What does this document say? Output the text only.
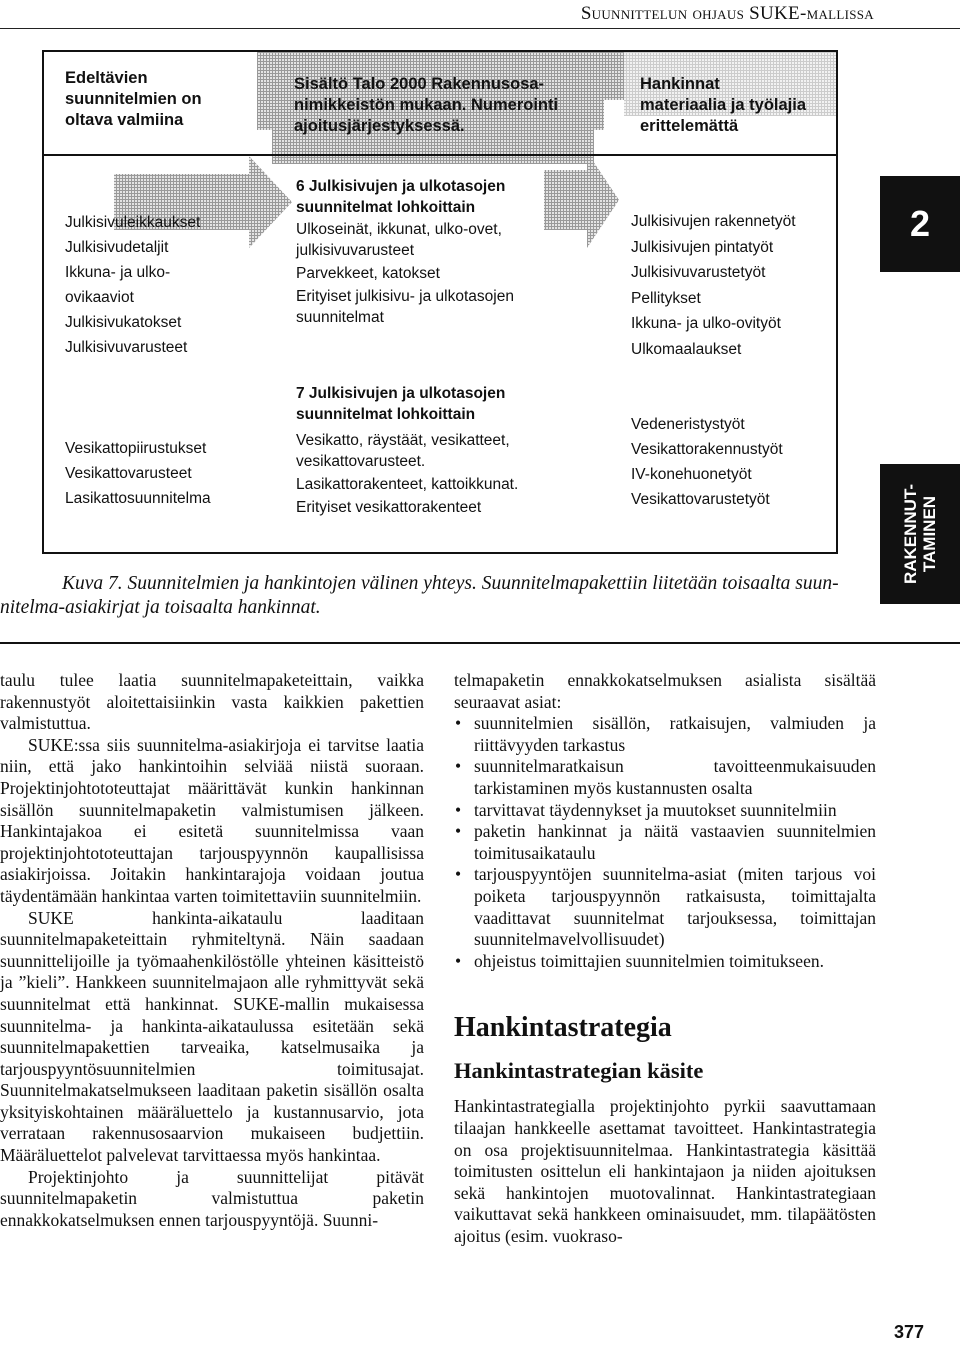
Suunnittelun ohjaus SUKE-mallissa
Edeltävien
suunnitelmien on
oltava valmiina
Sisältö Talo 2000 Rakennusosa-
nimikkeistön mukaan. Numerointi
ajoitusjärjestyksessä.
Hankinnat
materiaalia ja työlajia
erittelemättä
Julkisivuleikkaukset
Julkisivudetaljit
Ikkuna- ja ulko-
ovikaaviot
Julkisivukatokset
Julkisivuvarusteet
6 Julkisivujen ja ulkotasojen
suunnitelmat lohkoittain
Ulkoseinät, ikkunat, ulko-ovet,
julkisivuvarusteet
Parvekkeet, katokset
Erityiset julkisivu- ja ulkotasojen
suunnitelmat
Julkisivujen rakennetyöt
Julkisivujen pintatyöt
Julkisivuvarustetyöt
Pellitykset
Ikkuna- ja ulko-ovityöt
Ulkomaalaukset
Vesikattopiirustukset
Vesikattovarusteet
Lasikattosuunnitelma
7 Julkisivujen ja ulkotasojen
suunnitelmat lohkoittain
Vesikatto, räystäät, vesikatteet,
vesikattovarusteet.
Lasikattorakenteet, kattoikkunat.
Erityiset vesikattorakenteet
Vedeneristystyöt
Vesikattorakennustyöt
IV-konehuonetyöt
Vesikattovarustetyöt
2
RAKENNUT- TAMINEN
Kuva 7. Suunnitelmien ja hankintojen välinen yhteys. Suunnitelmapakettiin liitetään toisaalta suun-
nitelma-asiakirjat ja toisaalta hankinnat.

taulu tulee laatia suunnitelmapaketeittain, vaikka rakennustyöt aloitettaisiinkin vasta kaikkien pakettien valmistuttua.

SUKE:ssa siis suunnitelma-asiakirjoja ei tarvitse laatia niin, että jako hankintoihin selviää niistä suoraan. Projektinjohtototeuttajat määrittävät kunkin hankinnan sisällön suunnitelmapaketin valmistumisen jälkeen. Hankintajakoa ei esitetä suunnitelmissa vaan projektinjohtototeuttajan tarjouspyynnön kaupallisissa asiakirjoissa. Joitakin hankintarajoja voidaan joutua täydentämään hankintaa varten toimitettaviin suunnitelmiin.

SUKE hankinta-aikataulu laaditaan suunnitelmapaketeittain ryhmiteltynä. Näin saadaan suunnittelijoille ja työmaahenkilöstölle yhteinen käsitteistö ja ”kieli”. Hankkeen suunnitelmajaon alle ryhmittyvät sekä suunnitelmat että hankinnat. SUKE-mallin mukaisessa suunnitelma- ja hankinta-aikataulussa esitetään sekä suunnitelmapakettien tarveaika, katselmusaika ja tarjouspyyntösuunnitelmien toimitusajat. Suunnitelmakatselmukseen laaditaan paketin sisällön osalta yksityiskohtainen määräluettelo ja kustannusarvio, jota verrataan rakennusosaarvion mukaiseen budjettiin. Määräluettelot palvelevat tarvittaessa myös hankintaa.

Projektinjohto ja suunnittelijat pitävät suunnitelmapaketin valmistuttua paketin ennakkokatselmuksen ennen tarjouspyyntöjä. Suunni-

telmapaketin ennakkokatselmuksen asialista sisältää seuraavat asiat:

• suunnitelmien sisällön, ratkaisujen, valmiuden ja riittävyyden tarkastus
• suunnitelmaratkaisun tavoitteenmukaisuuden tarkistaminen myös kustannusten osalta
• tarvittavat täydennykset ja muutokset suunnitelmiin
• paketin hankinnat ja näitä vastaavien suunnitelmien toimitusaikataulu
• tarjouspyyntöjen suunnitelma-asiat (miten tarjous voi poiketa tarjouspyynnön ratkaisusta, toimittajalta vaadittavat suunnitelmat tarjouksessa, toimittajan suunnitelmavelvollisuudet)
• ohjeistus toimittajien suunnitelmien toimitukseen.
Hankintastrategia
Hankintastrategian käsite

Hankintastrategialla projektinjohto pyrkii saavuttamaan tilaajan hankkeelle asettamat tavoitteet. Hankintastrategia on osa projektisuunnitelmaa. Hankintastrategia käsittää toimitusten osittelun eli hankintajaon ja niiden ajoituksen sekä hankintojen muotovalinnat. Hankintastrategiaan vaikuttavat sekä hankkeen ominaisuudet, mm. tilapäätösten ajoitus (esim. vuokraso-

377
